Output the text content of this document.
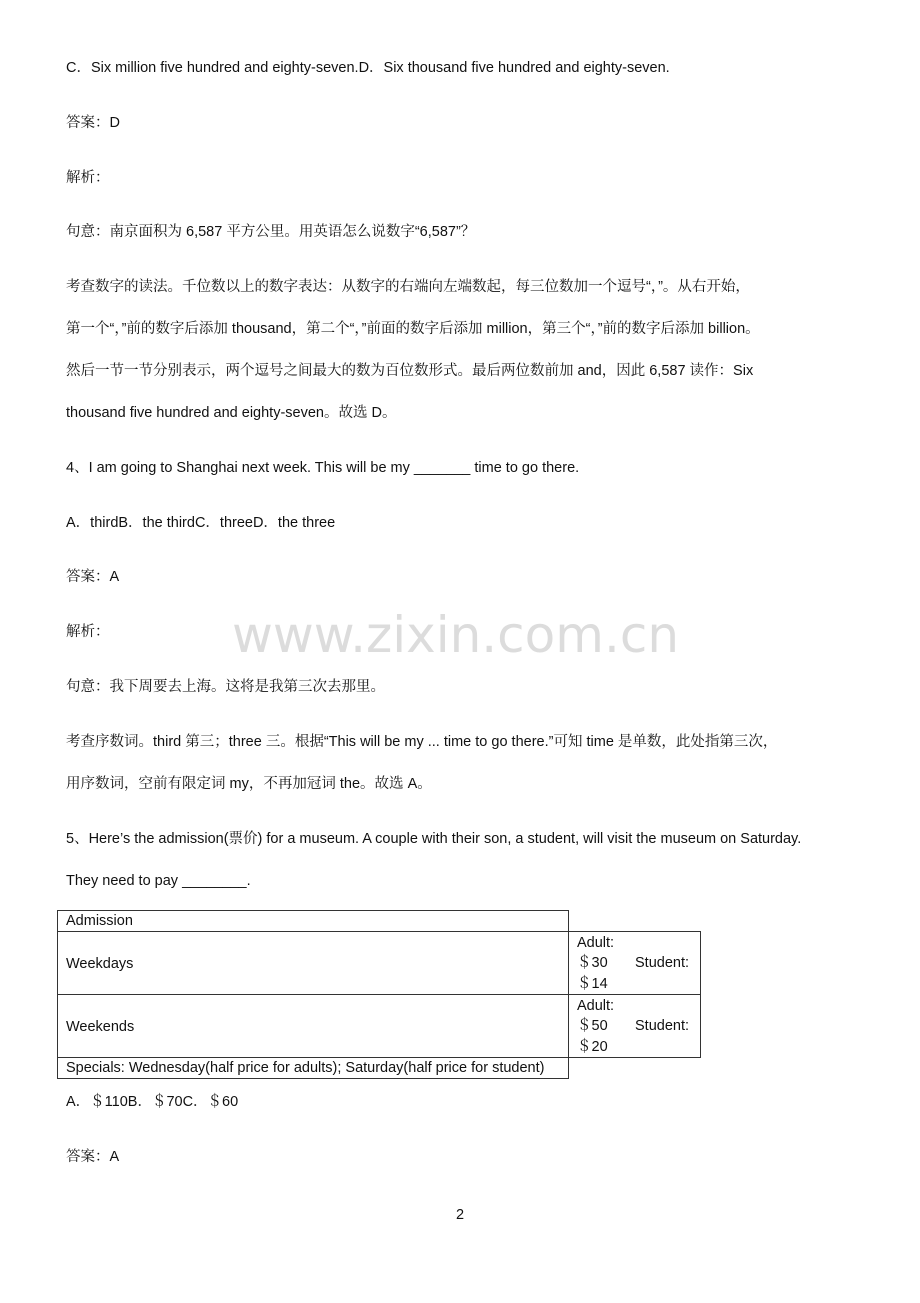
www.zixin.com.cn
C．Six million five hundred and eighty-seven.D．Six thousand five hundred and eighty-seven.
答案：D
解析：
句意：南京面积为 6,587 平方公里。用英语怎么说数字“6,587”？
考查数字的读法。千位数以上的数字表达：从数字的右端向左端数起，每三位数加一个逗号“，”。从右开始，
第一个“，”前的数字后添加 thousand，第二个“，”前面的数字后添加 million，第三个“，”前的数字后添加 billion。
然后一节一节分别表示，两个逗号之间最大的数为百位数形式。最后两位数前加 and，因此 6,587 读作：Six
thousand five hundred and eighty-seven。故选 D。
4、I am going to Shanghai next week. This will be my _______ time to go there.
A．thirdB．the thirdC．threeD．the three
答案：A
解析：
句意：我下周要去上海。这将是我第三次去那里。
考查序数词。third 第三；three 三。根据“This will be my ... time to go there.”可知 time 是单数，此处指第三次，
用序数词，空前有限定词 my，不再加冠词 the。故选 A。
5、Here’s the admission(票价) for a museum. A couple with their son, a student, will visit the museum on Saturday.
They need to pay ________.
Admission
Weekdays
Adult:
＄30
＄14
Student:
Weekends
Adult:
＄50
＄20
Student:
Specials: Wednesday(half price for adults); Saturday(half price for student)
A．＄110B．＄70C．＄60
答案：A
2
